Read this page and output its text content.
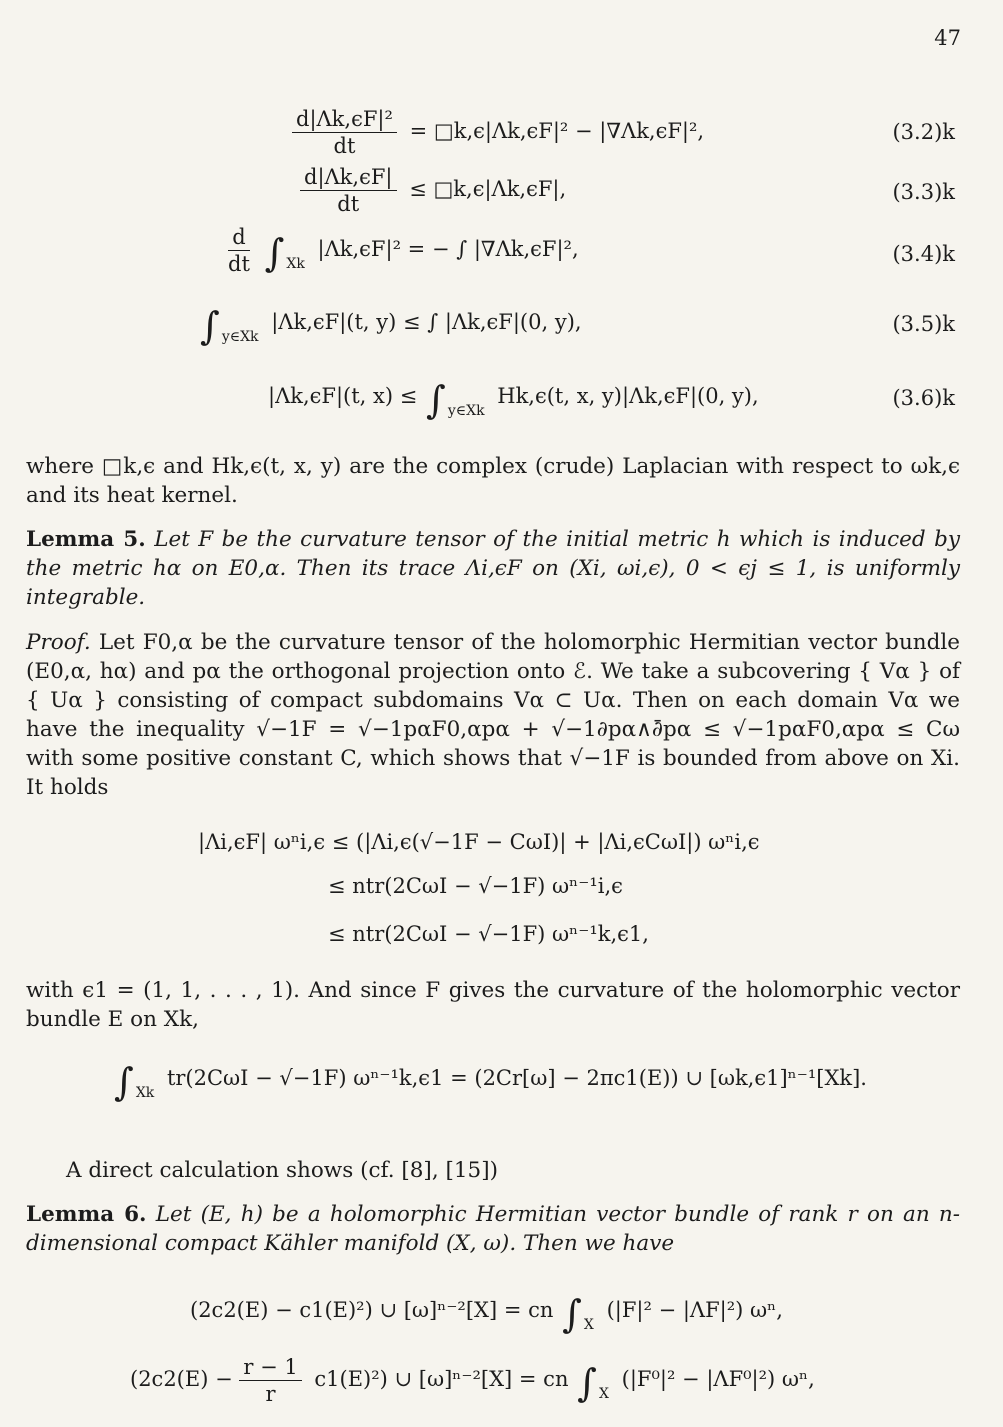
47
$\frac{\text{d|Λk,ϵF|²}}{dt}$ = □k,ϵ|Λk,ϵF|² − |∇Λk,ϵF|²,	(3.2)k
$\frac{d|\Lambda k,\epsilon F|}{dt}$ ≤ □k,ϵ|Λk,ϵF|,	(3.3)k
$\frac{d}{dt}$ ∫ $_{Xk}$ |Λk,ϵF|² = − ∫ |∇Λk,ϵF|²,	(3.4)k
∫ $_{y\in Xk}$ |Λk,ϵF|(t, y) ≤ ∫ |Λk,ϵF|(0, y),	(3.5)k
|Λk,ϵF|(t, x) ≤ ∫ $_{y\in Xk}$ Hk,ϵ(t, x, y)|Λk,ϵF|(0, y),	(3.6)k

where □k,ϵ and Hk,ϵ(t, x, y) are the complex (crude) Laplacian with respect to ωk,ϵ and its heat kernel.

Lemma 5. Let F be the curvature tensor of the initial metric h which is induced by the metric hα on E0,α. Then its trace Λi,ϵF on (Xi, ωi,ϵ), 0 < ϵj ≤ 1, is uniformly integrable.

Proof. Let F0,α be the curvature tensor of the holomorphic Hermitian vector bundle (E0,α, hα) and pα the orthogonal projection onto ℰ. We take a subcovering { Vα } of { Uα } consisting of compact subdomains Vα ⊂ Uα. Then on each domain Vα we have the inequality √−1F = √−1pαF0,αpα + √−1∂pα∧∂̄pα ≤ √−1pαF0,αpα ≤ Cω with some positive constant C, which shows that √−1F is bounded from above on Xi. It holds

|Λi,ϵF| ωⁿi,ϵ ≤ (|Λi,ϵ(√−1F − CωI)| + |Λi,ϵCωI|) ωⁿi,ϵ
≤ ntr(2CωI − √−1F) ωⁿ⁻¹i,ϵ
≤ ntr(2CωI − √−1F) ωⁿ⁻¹k,ϵ1,

with ϵ1 = (1, 1, . . . , 1). And since F gives the curvature of the holomorphic vector bundle E on Xk,

∫ $_{Xk}$ tr(2CωI − √−1F) ωⁿ⁻¹k,ϵ1 = (2Cr[ω] − 2πc1(E)) ∪ [ωk,ϵ1]ⁿ⁻¹[Xk].

A direct calculation shows (cf. [8], [15])

Lemma 6. Let (E, h) be a holomorphic Hermitian vector bundle of rank r on an n-dimensional compact Kähler manifold (X, ω). Then we have

(2c2(E) − c1(E)²) ∪ [ω]ⁿ⁻²[X] = cn ∫ $_X$ (|F|² − |ΛF|²) ωⁿ,
$(2c2(E) - \frac{r - 1}{r} c1(E)^2)$ ∪ [ω]ⁿ⁻²[X] = cn ∫ $_X$ (|F⁰|² − |ΛF⁰|²) ωⁿ,
